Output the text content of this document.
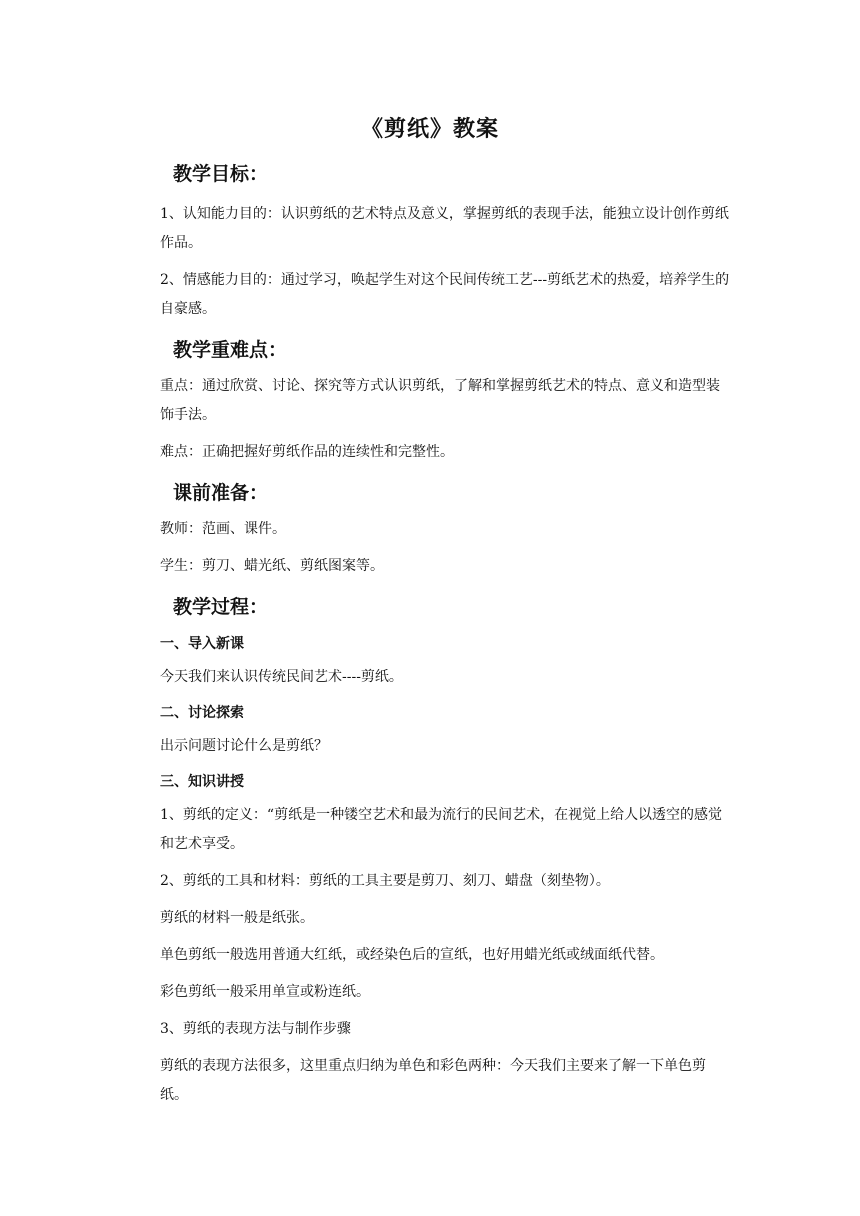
《剪纸》教案
教学目标：

1、认知能力目的：认识剪纸的艺术特点及意义，掌握剪纸的表现手法，能独立设计创作剪纸作品。

2、情感能力目的：通过学习，唤起学生对这个民间传统工艺---剪纸艺术的热爱，培养学生的自豪感。

教学重难点：

重点：通过欣赏、讨论、探究等方式认识剪纸，了解和掌握剪纸艺术的特点、意义和造型装饰手法。

难点：正确把握好剪纸作品的连续性和完整性。

课前准备：

教师：范画、课件。

学生：剪刀、蜡光纸、剪纸图案等。

教学过程：
一、导入新课

今天我们来认识传统民间艺术----剪纸。

二、讨论探索

出示问题讨论什么是剪纸？

三、知识讲授

1、剪纸的定义：“剪纸是一种镂空艺术和最为流行的民间艺术，在视觉上给人以透空的感觉和艺术享受。

2、剪纸的工具和材料：剪纸的工具主要是剪刀、刻刀、蜡盘（刻垫物）。

剪纸的材料一般是纸张。

单色剪纸一般选用普通大红纸，或经染色后的宣纸，也好用蜡光纸或绒面纸代替。

彩色剪纸一般采用单宣或粉连纸。

3、剪纸的表现方法与制作步骤

剪纸的表现方法很多，这里重点归纳为单色和彩色两种：今天我们主要来了解一下单色剪纸。
